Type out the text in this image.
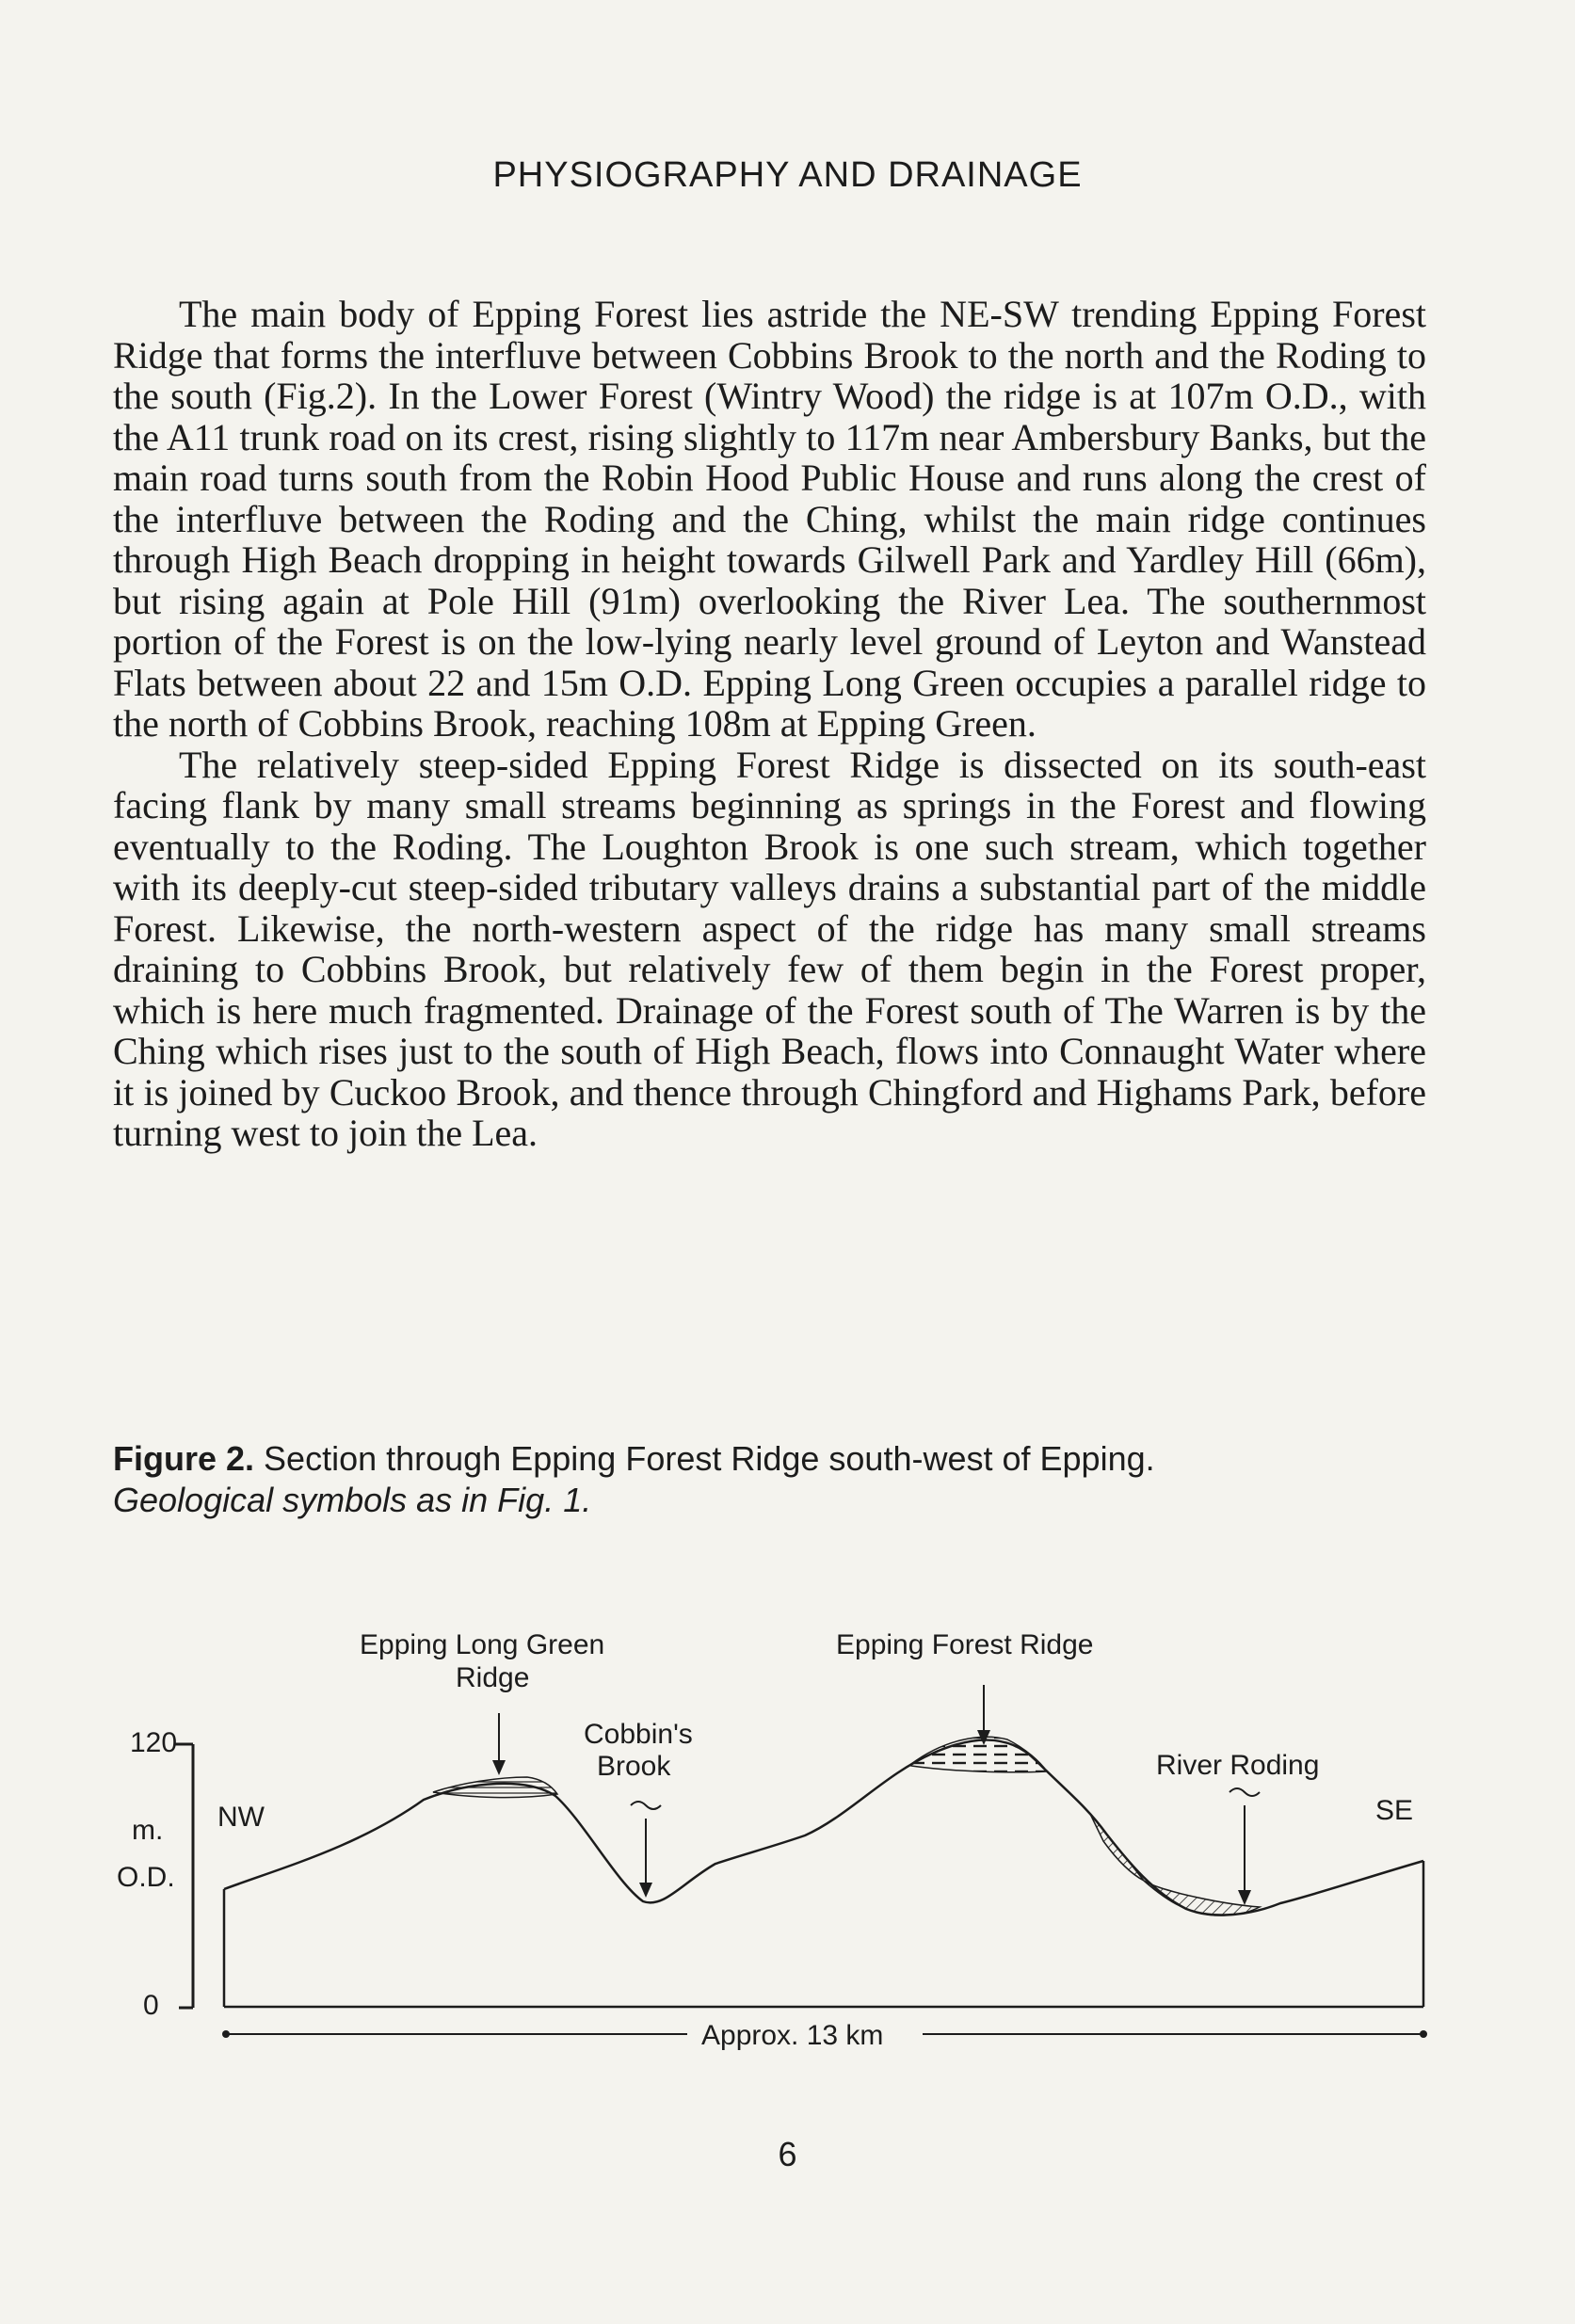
PHYSIOGRAPHY AND DRAINAGE

The main body of Epping Forest lies astride the NE-SW trending Epping Forest Ridge that forms the interfluve between Cobbins Brook to the north and the Roding to the south (Fig.2). In the Lower Forest (Wintry Wood) the ridge is at 107m O.D., with the A11 trunk road on its crest, rising slightly to 117m near Ambersbury Banks, but the main road turns south from the Robin Hood Public House and runs along the crest of the interfluve between the Roding and the Ching, whilst the main ridge continues through High Beach dropping in height towards Gilwell Park and Yardley Hill (66m), but rising again at Pole Hill (91m) overlooking the River Lea. The southernmost portion of the Forest is on the low-lying nearly level ground of Leyton and Wanstead Flats between about 22 and 15m O.D. Epping Long Green occupies a parallel ridge to the north of Cobbins Brook, reaching 108m at Epping Green.

The relatively steep-sided Epping Forest Ridge is dissected on its south-east facing flank by many small streams beginning as springs in the Forest and flowing eventually to the Roding. The Loughton Brook is one such stream, which together with its deeply-cut steep-sided tributary valleys drains a substantial part of the middle Forest. Likewise, the north-western aspect of the ridge has many small streams draining to Cobbins Brook, but relatively few of them begin in the Forest proper, which is here much fragmented. Drainage of the Forest south of The Warren is by the Ching which rises just to the south of High Beach, flows into Connaught Water where it is joined by Cuckoo Brook, and thence through Chingford and Highams Park, before turning west to join the Lea.

Figure 2. Section through Epping Forest Ridge south-west of Epping.
Geological symbols as in Fig. 1.
120
m.
O.D.
0
Epping Long Green
Ridge
Epping Forest Ridge
Cobbin's
Brook	River Roding
NW	SE
Approx. 13 km
6
